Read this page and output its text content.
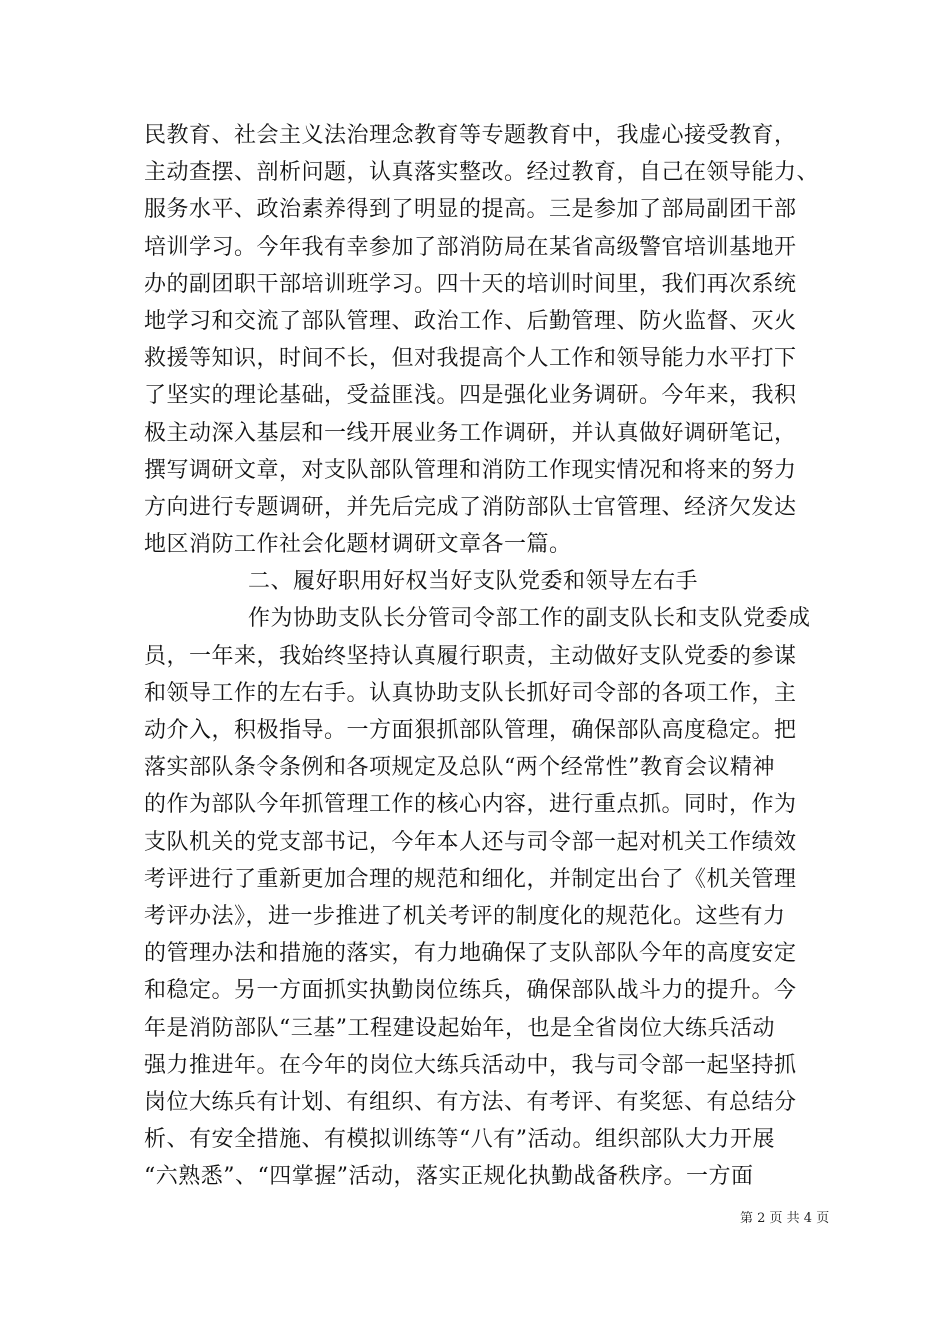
民教育、社会主义法治理念教育等专题教育中，我虚心接受教育，
主动查摆、剖析问题，认真落实整改。经过教育，自己在领导能力、
服务水平、政治素养得到了明显的提高。三是参加了部局副团干部
培训学习。今年我有幸参加了部消防局在某省高级警官培训基地开
办的副团职干部培训班学习。四十天的培训时间里，我们再次系统
地学习和交流了部队管理、政治工作、后勤管理、防火监督、灭火
救援等知识，时间不长，但对我提高个人工作和领导能力水平打下
了坚实的理论基础，受益匪浅。四是强化业务调研。今年来，我积
极主动深入基层和一线开展业务工作调研，并认真做好调研笔记，
撰写调研文章，对支队部队管理和消防工作现实情况和将来的努力
方向进行专题调研，并先后完成了消防部队士官管理、经济欠发达
地区消防工作社会化题材调研文章各一篇。
二、履好职用好权当好支队党委和领导左右手
作为协助支队长分管司令部工作的副支队长和支队党委成
员，一年来，我始终坚持认真履行职责，主动做好支队党委的参谋
和领导工作的左右手。认真协助支队长抓好司令部的各项工作，主
动介入，积极指导。一方面狠抓部队管理，确保部队高度稳定。把
落实部队条令条例和各项规定及总队“两个经常性”教育会议精神
的作为部队今年抓管理工作的核心内容，进行重点抓。同时，作为
支队机关的党支部书记，今年本人还与司令部一起对机关工作绩效
考评进行了重新更加合理的规范和细化，并制定出台了《机关管理
考评办法》，进一步推进了机关考评的制度化的规范化。这些有力
的管理办法和措施的落实，有力地确保了支队部队今年的高度安定
和稳定。另一方面抓实执勤岗位练兵，确保部队战斗力的提升。今
年是消防部队“三基”工程建设起始年，也是全省岗位大练兵活动
强力推进年。在今年的岗位大练兵活动中，我与司令部一起坚持抓
岗位大练兵有计划、有组织、有方法、有考评、有奖惩、有总结分
析、有安全措施、有模拟训练等“八有”活动。组织部队大力开展
“六熟悉”、“四掌握”活动，落实正规化执勤战备秩序。一方面
第 2 页 共 4 页
